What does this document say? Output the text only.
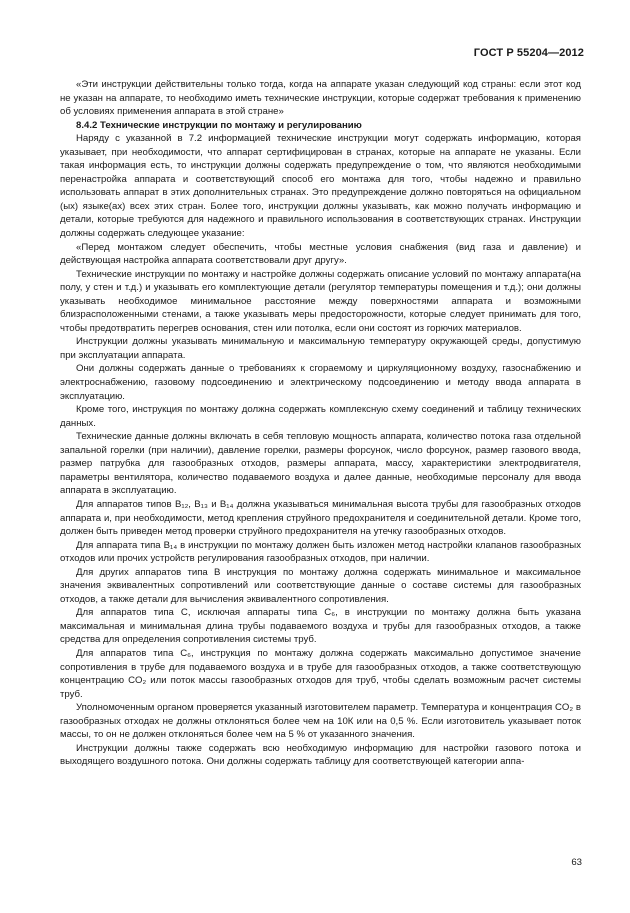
ГОСТ Р 55204—2012

«Эти инструкции действительны только тогда, когда на аппарате указан следующий код страны: если этот код не указан на аппарате, то необходимо иметь технические инструкции, которые содержат требования к применению об условиях применения аппарата в этой стране»

8.4.2 Технические инструкции по монтажу и регулированию

Наряду с указанной в 7.2 информацией технические инструкции могут содержать информацию, которая указывает, при необходимости, что аппарат сертифицирован в странах, которые на аппарате не указаны. Если такая информация есть, то инструкции должны содержать предупреждение о том, что являются необходимыми перенастройка аппарата и соответствующий способ его монтажа для того, чтобы надежно и правильно использовать аппарат в этих дополнительных странах. Это предупреждение должно повторяться на официальном (ых) языке(ах) всех этих стран. Более того, инструкции должны указывать, как можно получать информацию и детали, которые требуются для надежного и правильного использования в соответствующих странах. Инструкции должны содержать следующее указание:

«Перед монтажом следует обеспечить, чтобы местные условия снабжения (вид газа и давление) и действующая настройка аппарата соответствовали друг другу».

Технические инструкции по монтажу и настройке должны содержать описание условий по монтажу аппарата(на полу, у стен и т.д.) и указывать его комплектующие детали (регулятор температуры помещения и т.д.); они должны указывать необходимое минимальное расстояние между поверхностями аппарата и возможными близрасположенными стенами, а также указывать меры предосторожности, которые следует принимать для того, чтобы предотвратить перегрев основания, стен или потолка, если они состоят из горючих материалов.

Инструкции должны указывать минимальную и максимальную температуру окружающей среды, допустимую при эксплуатации аппарата.

Они должны содержать данные о требованиях к сгораемому и циркуляционному воздуху, газоснабжению и электроснабжению, газовому подсоединению и электрическому подсоединению и методу ввода аппарата в эксплуатацию.

Кроме того, инструкция по монтажу должна содержать комплексную схему соединений и таблицу технических данных.

Технические данные должны включать в себя тепловую мощность аппарата, количество потока газа отдельной запальной горелки (при наличии), давление горелки, размеры форсунок, число форсунок, размер газового ввода, размер патрубка для газообразных отходов, размеры аппарата, массу, характеристики электродвигателя, параметры вентилятора, количество подаваемого воздуха и далее данные, необходимые персоналу для ввода аппарата в эксплуатацию.

Для аппаратов типов B₁₂, B₁₃ и B₁₄ должна указываться минимальная высота трубы для газообразных отходов аппарата и, при необходимости, метод крепления струйного предохранителя и соединительной детали. Кроме того, должен быть приведен метод проверки струйного предохранителя на утечку газообразных отходов.

Для аппарата типа B₁₄ в инструкции по монтажу должен быть изложен метод настройки клапанов газообразных отходов или прочих устройств регулирования газообразных отходов, при наличии.

Для других аппаратов типа B инструкция по монтажу должна содержать минимальное и максимальное значения эквивалентных сопротивлений или соответствующие данные о составе системы для газообразных отходов, а также детали для вычисления эквивалентного сопротивления.

Для аппаратов типа C, исключая аппараты типа C₆, в инструкции по монтажу должна быть указана максимальная и минимальная длина трубы подаваемого воздуха и трубы для газообразных отходов, а также средства для определения сопротивления системы труб.

Для аппаратов типа C₆, инструкция по монтажу должна содержать максимально допустимое значение сопротивления в трубе для подаваемого воздуха и в трубе для газообразных отходов, а также соответствующую концентрацию CO₂ или поток массы газообразных отходов для труб, чтобы сделать возможным расчет системы труб.

Уполномоченным органом проверяется указанный изготовителем параметр. Температура и концентрация CO₂ в газообразных отходах не должны отклоняться более чем на 10К или на 0,5 %. Если изготовитель указывает поток массы, то он не должен отклоняться более чем на 5 % от указанного значения.

Инструкции должны также содержать всю необходимую информацию для настройки газового потока и выходящего воздушного потока. Они должны содержать таблицу для соответствующей категории аппа-

63
